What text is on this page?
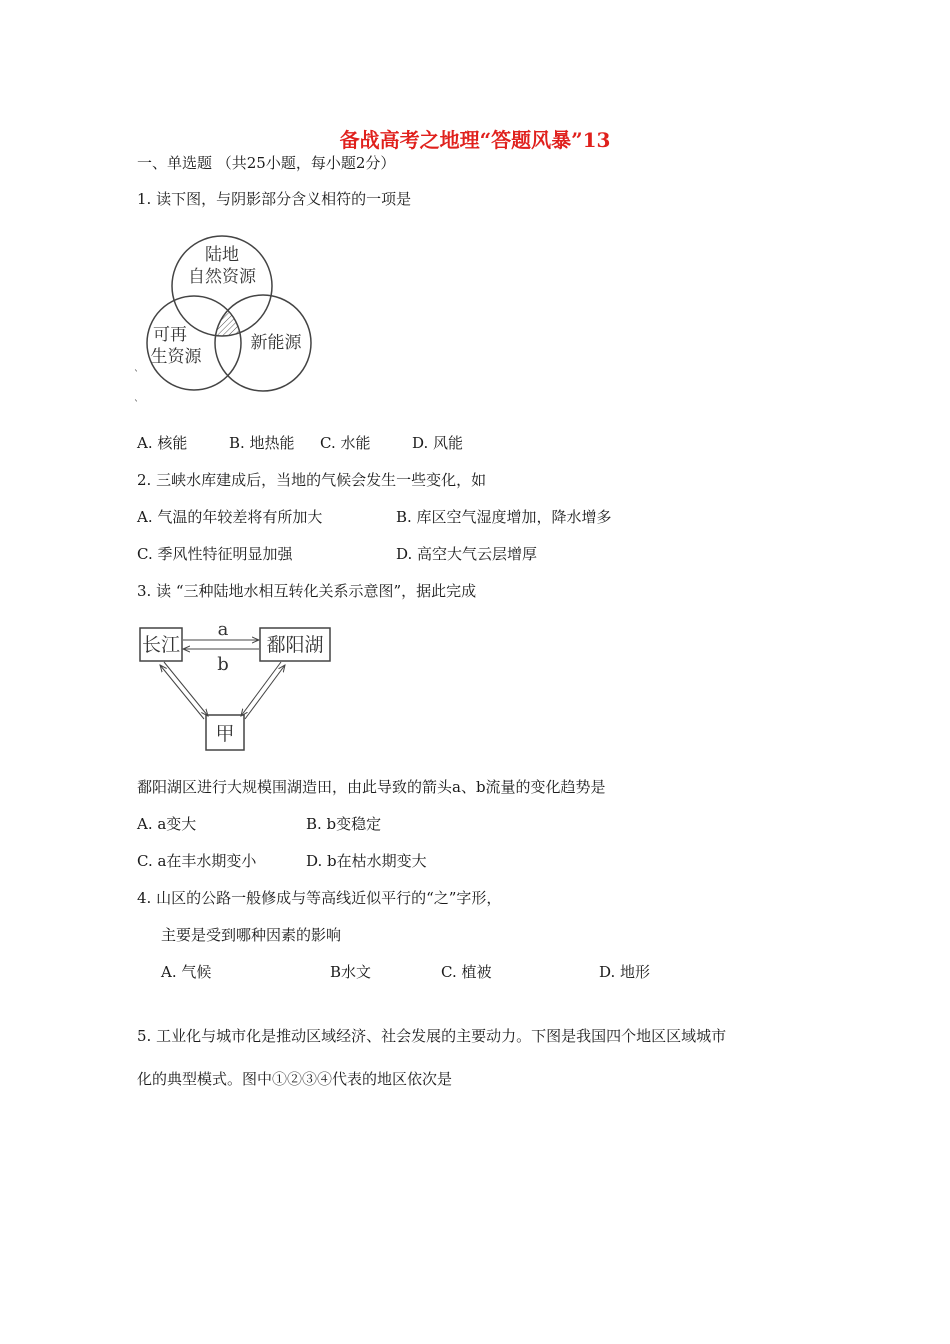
备战高考之地理“答题风暴”13
一、单选题 （共25小题，每小题2分）
1. 读下图，与阴影部分含义相符的一项是
陆地
自然资源
可再
生资源
新能源
`
`
A. 核能	B. 地热能 C. 水能	D. 风能
2. 三峡水库建成后，当地的气候会发生一些变化，如
A. 气温的年较差将有所加大	B. 库区空气湿度增加，降水增多
C. 季风性特征明显加强	D. 高空大气云层增厚
3. 读 “三种陆地水相互转化关系示意图”，据此完成
长江	鄱阳湖
甲
a
b
鄱阳湖区进行大规模围湖造田，由此导致的箭头a、b流量的变化趋势是
A. a变大	B. b变稳定
C. a在丰水期变小	D. b在枯水期变大
4. 山区的公路一般修成与等高线近似平行的“之”字形，
主要是受到哪种因素的影响
A. 气候	B水文	C. 植被	D. 地形
5. 工业化与城市化是推动区域经济、社会发展的主要动力。下图是我国四个地区区域城市
化的典型模式。图中①②③④代表的地区依次是
